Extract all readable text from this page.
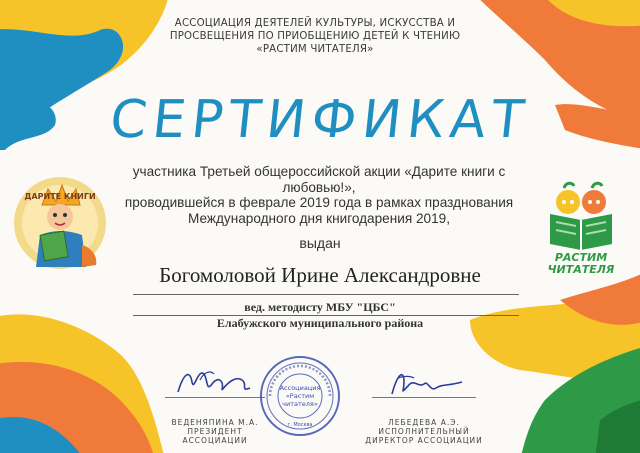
АССОЦИАЦИЯ ДЕЯТЕЛЕЙ КУЛЬТУРЫ, ИСКУССТВА И
ПРОСВЕЩЕНИЯ ПО ПРИОБЩЕНИЮ ДЕТЕЙ К ЧТЕНИЮ
«РАСТИМ ЧИТАТЕЛЯ»
СЕРТИФИКАТ
участника Третьей общероссийской акции «Дарите книги с
любовью!»,
проводившейся в феврале 2019 года в рамках празднования
Международного дня книгодарения 2019,
выдан
Богомоловой Ирине Александровне
вед. методисту МБУ "ЦБС"
Елабужского муниципального района
ДАРИТЕ КНИГИ
РАСТИМ
ЧИТАТЕЛЯ
ВЕДЕНЯПИНА М.А.
ПРЕЗИДЕНТ
АССОЦИАЦИИ
Ассоциация
«Растим
читателя»
г. Москва	ЛЕБЕДЕВА А.Э.
ИСПОЛНИТЕЛЬНЫЙ
ДИРЕКТОР АССОЦИАЦИИ
